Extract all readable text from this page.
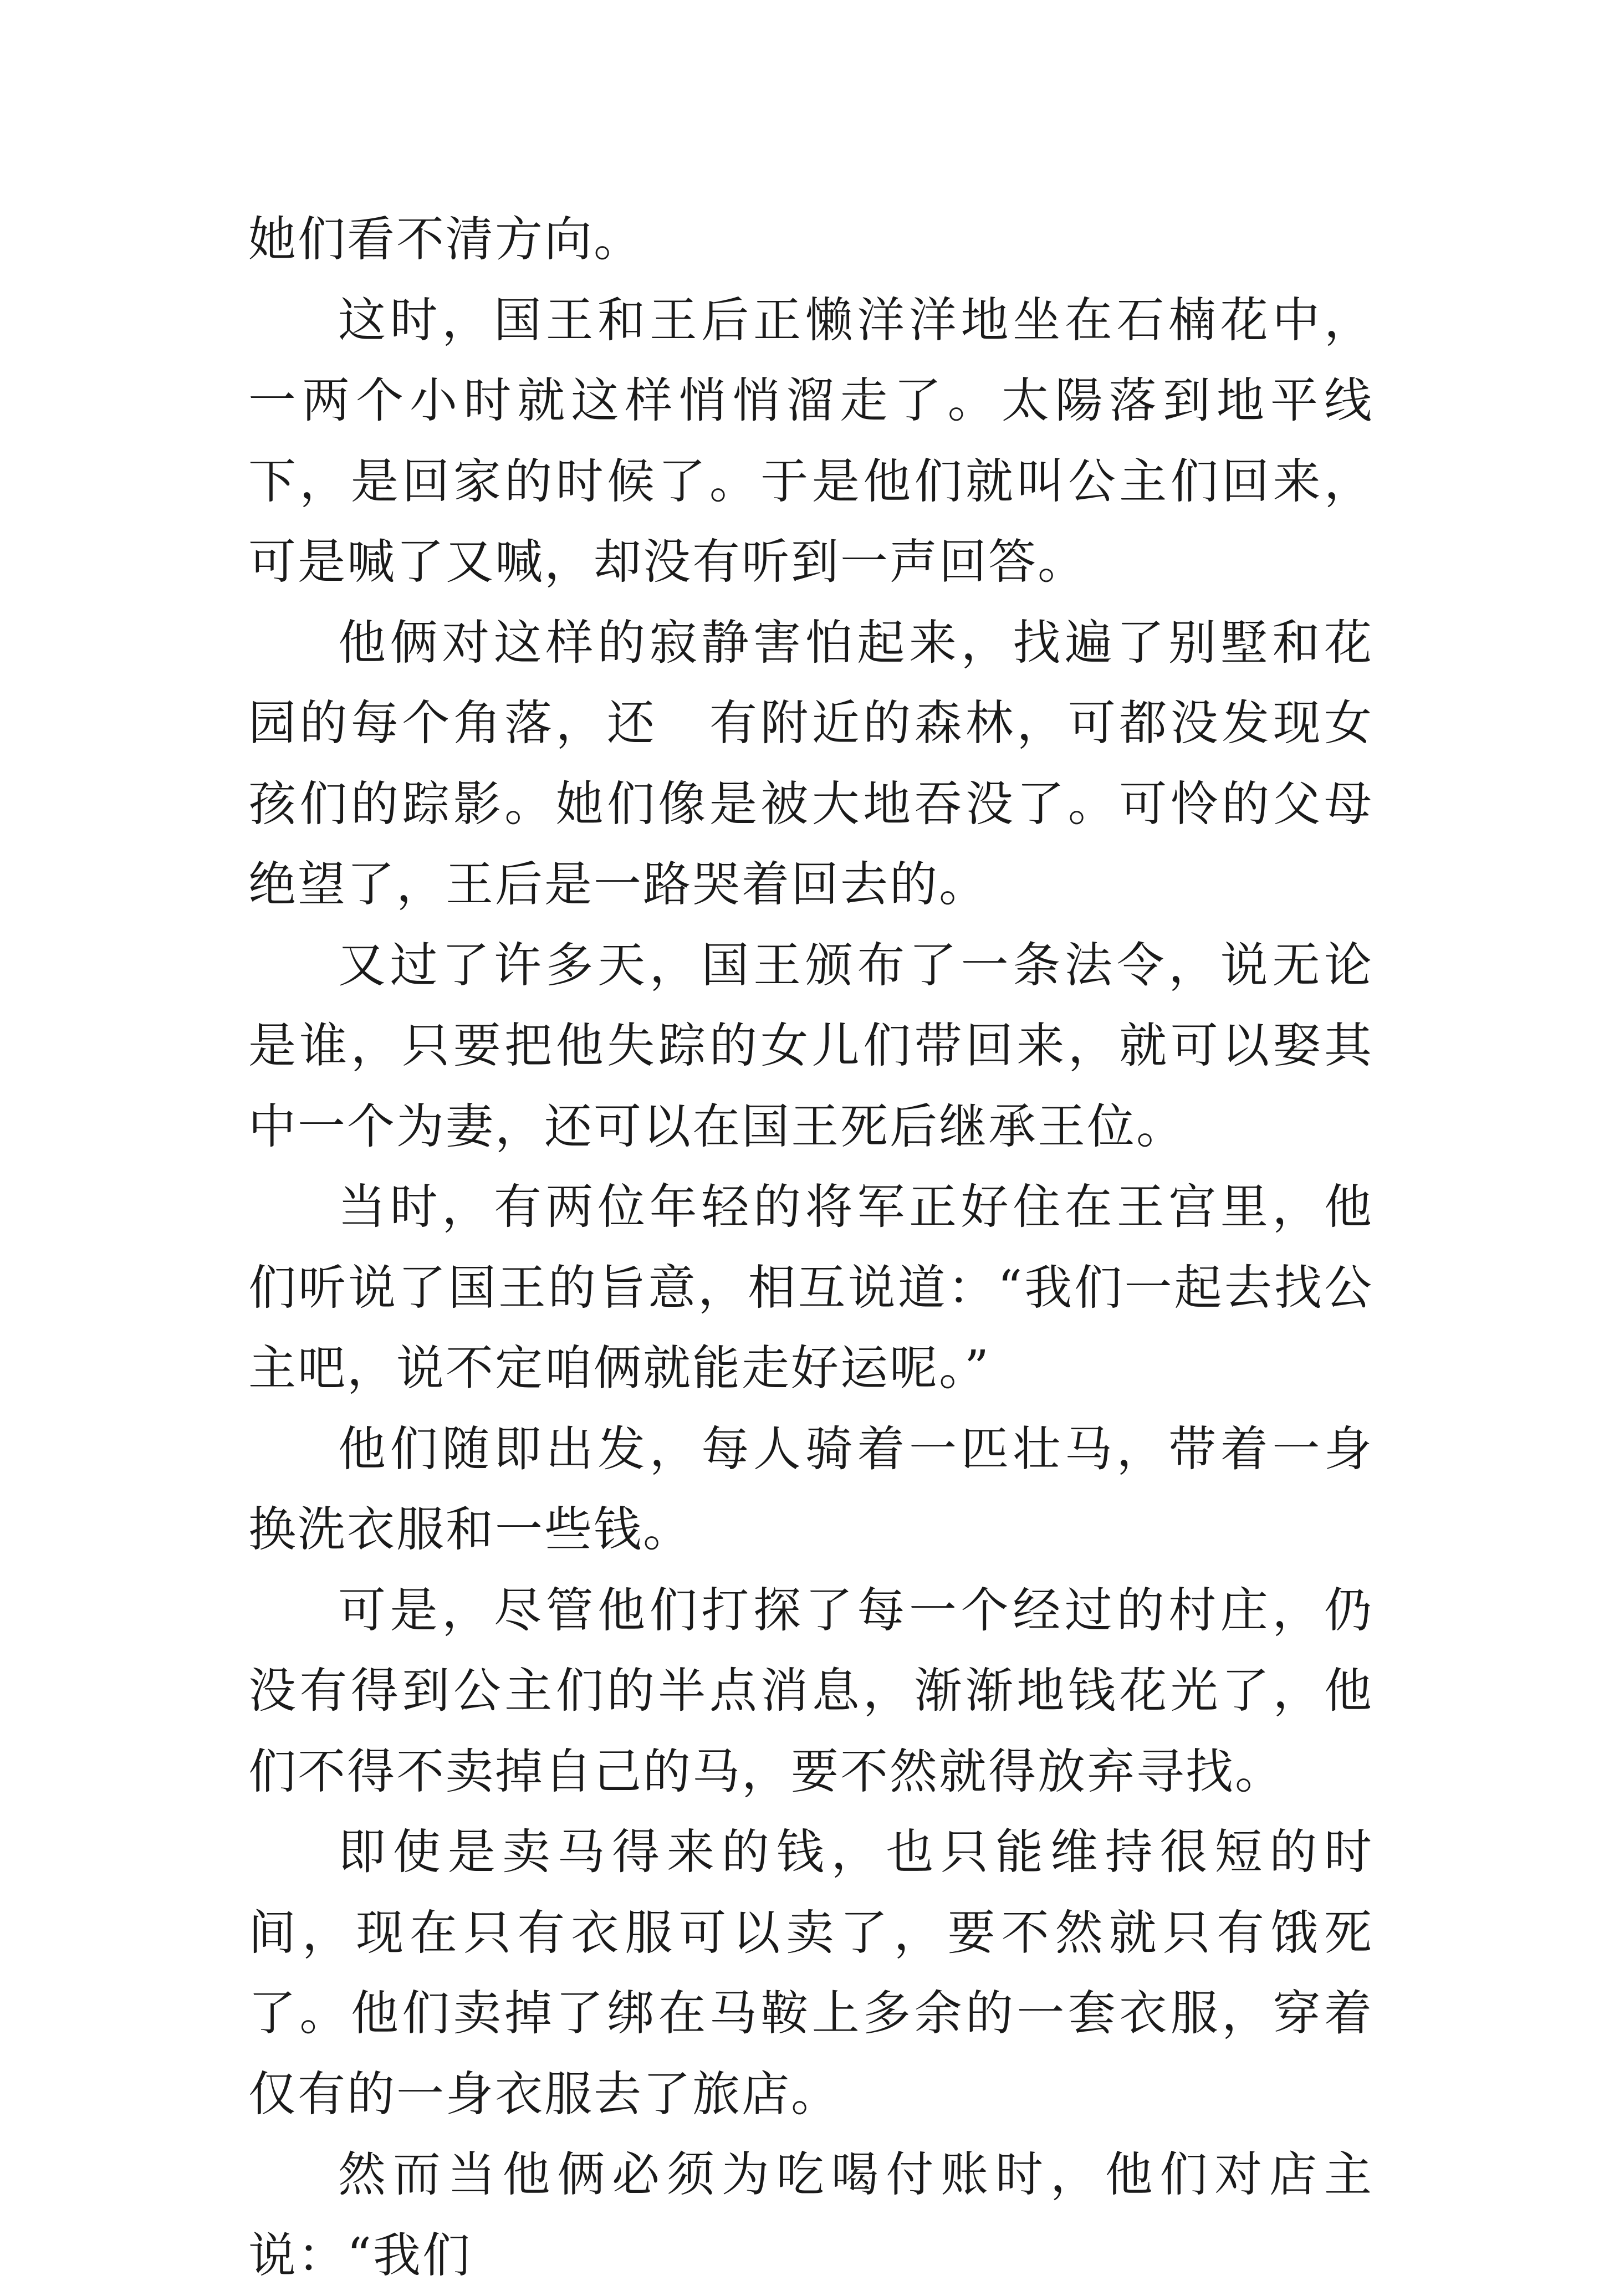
她们看不清方向。

这时，国王和王后正懒洋洋地坐在石楠花中，一两个小时就这样悄悄溜走了。太陽落到地平线下，是回家的时候了。于是他们就叫公主们回来，可是喊了又喊，却没有听到一声回答。

他俩对这样的寂静害怕起来，找遍了别墅和花园的每个角落，还　有附近的森林，可都没发现女孩们的踪影。她们像是被大地吞没了。可怜的父母绝望了，王后是一路哭着回去的。

又过了许多天，国王颁布了一条法令，说无论是谁，只要把他失踪的女儿们带回来，就可以娶其中一个为妻，还可以在国王死后继承王位。

当时，有两位年轻的将军正好住在王宫里，他们听说了国王的旨意，相互说道：“我们一起去找公主吧，说不定咱俩就能走好运呢。”

他们随即出发，每人骑着一匹壮马，带着一身换洗衣服和一些钱。

可是，尽管他们打探了每一个经过的村庄，仍没有得到公主们的半点消息，渐渐地钱花光了，他们不得不卖掉自己的马，要不然就得放弃寻找。

即使是卖马得来的钱，也只能维持很短的时间，现在只有衣服可以卖了，要不然就只有饿死了。他们卖掉了绑在马鞍上多余的一套衣服，穿着仅有的一身衣服去了旅店。

然而当他俩必须为吃喝付账时，他们对店主说：“我们
